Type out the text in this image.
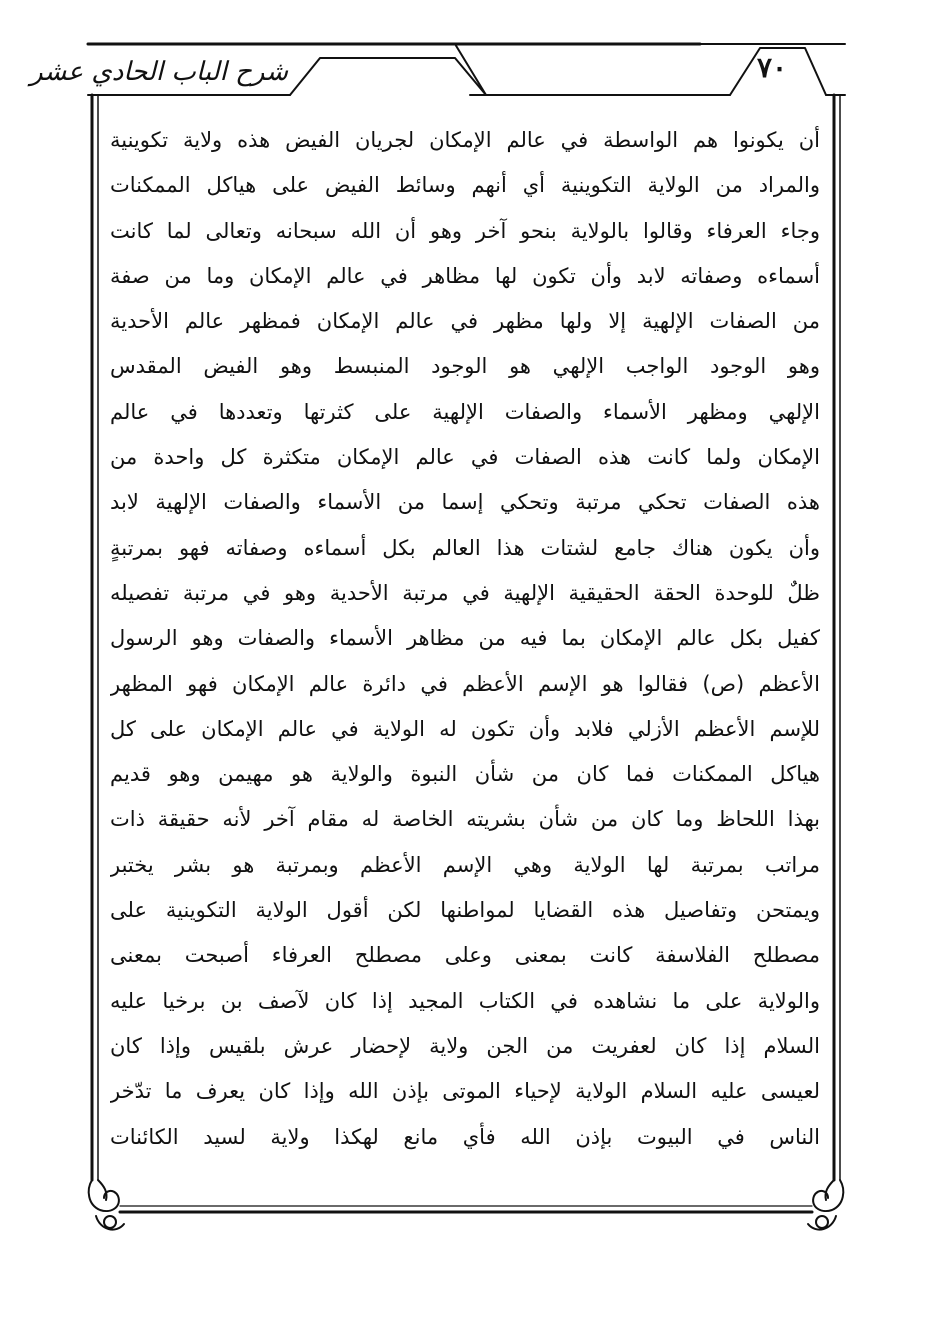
شرح الباب الحادي عشر	٧٠
أن يكونوا هم الواسطة في عالم الإمكان لجريان الفيض هذه ولاية تكوينية
والمراد من الولاية التكوينية أي أنهم وسائط الفيض على هياكل الممكنات
وجاء العرفاء وقالوا بالولاية بنحو آخر وهو أن الله سبحانه وتعالى لما كانت
أسماءه وصفاته لابد وأن تكون لها مظاهر في عالم الإمكان وما من صفة
من الصفات الإلهية إلا ولها مظهر في عالم الإمكان فمظهر عالم الأحدية
وهو الوجود الواجب الإلهي هو الوجود المنبسط وهو الفيض المقدس
الإلهي ومظهر الأسماء والصفات الإلهية على كثرتها وتعددها في عالم
الإمكان ولما كانت هذه الصفات في عالم الإمكان متكثرة كل واحدة من
هذه الصفات تحكي مرتبة وتحكي إسما من الأسماء والصفات الإلهية لابد
وأن يكون هناك جامع لشتات هذا العالم بكل أسماءه وصفاته فهو بمرتبةٍ
ظلٌ للوحدة الحقة الحقيقية الإلهية في مرتبة الأحدية وهو في مرتبة تفصيله
كفيل بكل عالم الإمكان بما فيه من مظاهر الأسماء والصفات وهو الرسول
الأعظم (ص) فقالوا هو الإسم الأعظم في دائرة عالم الإمكان فهو المظهر
للإسم الأعظم الأزلي فلابد وأن تكون له الولاية في عالم الإمكان على كل
هياكل الممكنات فما كان من شأن النبوة والولاية هو مهيمن وهو قديم
بهذا اللحاظ وما كان من شأن بشريته الخاصة له مقام آخر لأنه حقيقة ذات
مراتب بمرتبة لها الولاية وهي الإسم الأعظم وبمرتبة هو بشر يختبر
ويمتحن وتفاصيل هذه القضايا لمواطنها لكن أقول الولاية التكوينية على
مصطلح الفلاسفة كانت بمعنى وعلى مصطلح العرفاء أصبحت بمعنى
والولاية على ما نشاهده في الكتاب المجيد إذا كان لآصف بن برخيا عليه
السلام إذا كان لعفريت من الجن ولاية لإحضار عرش بلقيس وإذا كان
لعيسى عليه السلام الولاية لإحياء الموتى بإذن الله وإذا كان يعرف ما تدّخر
الناس في البيوت بإذن الله فأي مانع لهكذا ولاية لسيد الكائنات
